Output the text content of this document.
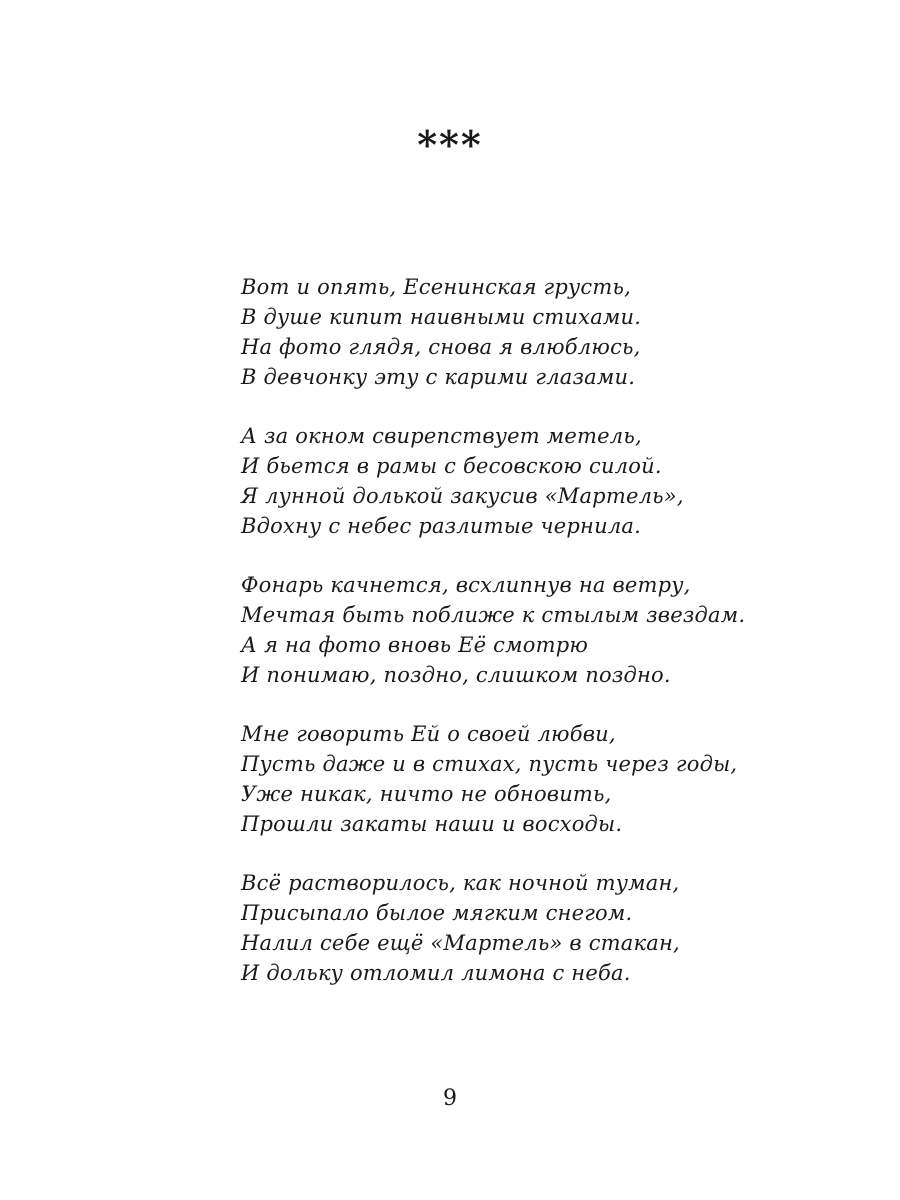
***
Вот и опять, Есенинская грусть,
В душе кипит наивными стихами.
На фото глядя, снова я влюблюсь,
В девчонку эту с карими глазами.
А за окном свирепствует метель,
И бьется в рамы с бесовскою силой.
Я лунной долькой закусив «Мартель»,
Вдохну с небес разлитые чернила.
Фонарь качнется, всхлипнув на ветру,
Мечтая быть поближе к стылым звездам.
А я на фото вновь Её смотрю
И понимаю, поздно, слишком поздно.
Мне говорить Ей о своей любви,
Пусть даже и в стихах, пусть через годы,
Уже никак, ничто не обновить,
Прошли закаты наши и восходы.
Всё растворилось, как ночной туман,
Присыпало былое мягким снегом.
Налил себе ещё «Мартель» в стакан,
И дольку отломил лимона с неба.
9
